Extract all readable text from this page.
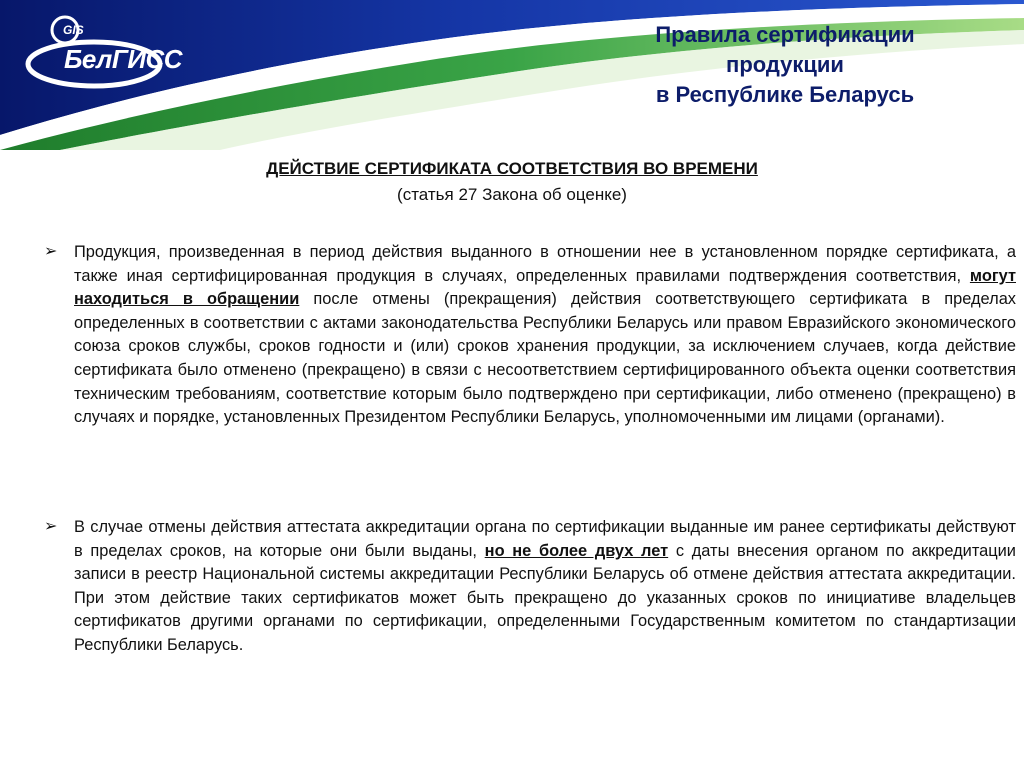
GIS
БелГИСС
Правила сертификации
продукции
в Республике Беларусь
ДЕЙСТВИЕ СЕРТИФИКАТА СООТВЕТСТВИЯ ВО ВРЕМЕНИ
(статья 27 Закона об оценке)
➢ Продукция, произведенная в период действия выданного в отношении нее в установленном порядке сертификата, а также иная сертифицированная продукция в случаях, определенных правилами подтверждения соответствия, могут находиться в обращении после отмены (прекращения) действия соответствующего сертификата в пределах определенных в соответствии с актами законодательства Республики Беларусь или правом Евразийского экономического союза сроков службы, сроков годности и (или) сроков хранения продукции, за исключением случаев, когда действие сертификата было отменено (прекращено) в связи с несоответствием сертифицированного объекта оценки соответствия техническим требованиям, соответствие которым было подтверждено при сертификации, либо отменено (прекращено) в случаях и порядке, установленных Президентом Республики Беларусь, уполномоченными им лицами (органами).
➢ В случае отмены действия аттестата аккредитации органа по сертификации выданные им ранее сертификаты действуют в пределах сроков, на которые они были выданы, но не более двух лет с даты внесения органом по аккредитации записи в реестр Национальной системы аккредитации Республики Беларусь об отмене действия аттестата аккредитации. При этом действие таких сертификатов может быть прекращено до указанных сроков по инициативе владельцев сертификатов другими органами по сертификации, определенными Государственным комитетом по стандартизации Республики Беларусь.
